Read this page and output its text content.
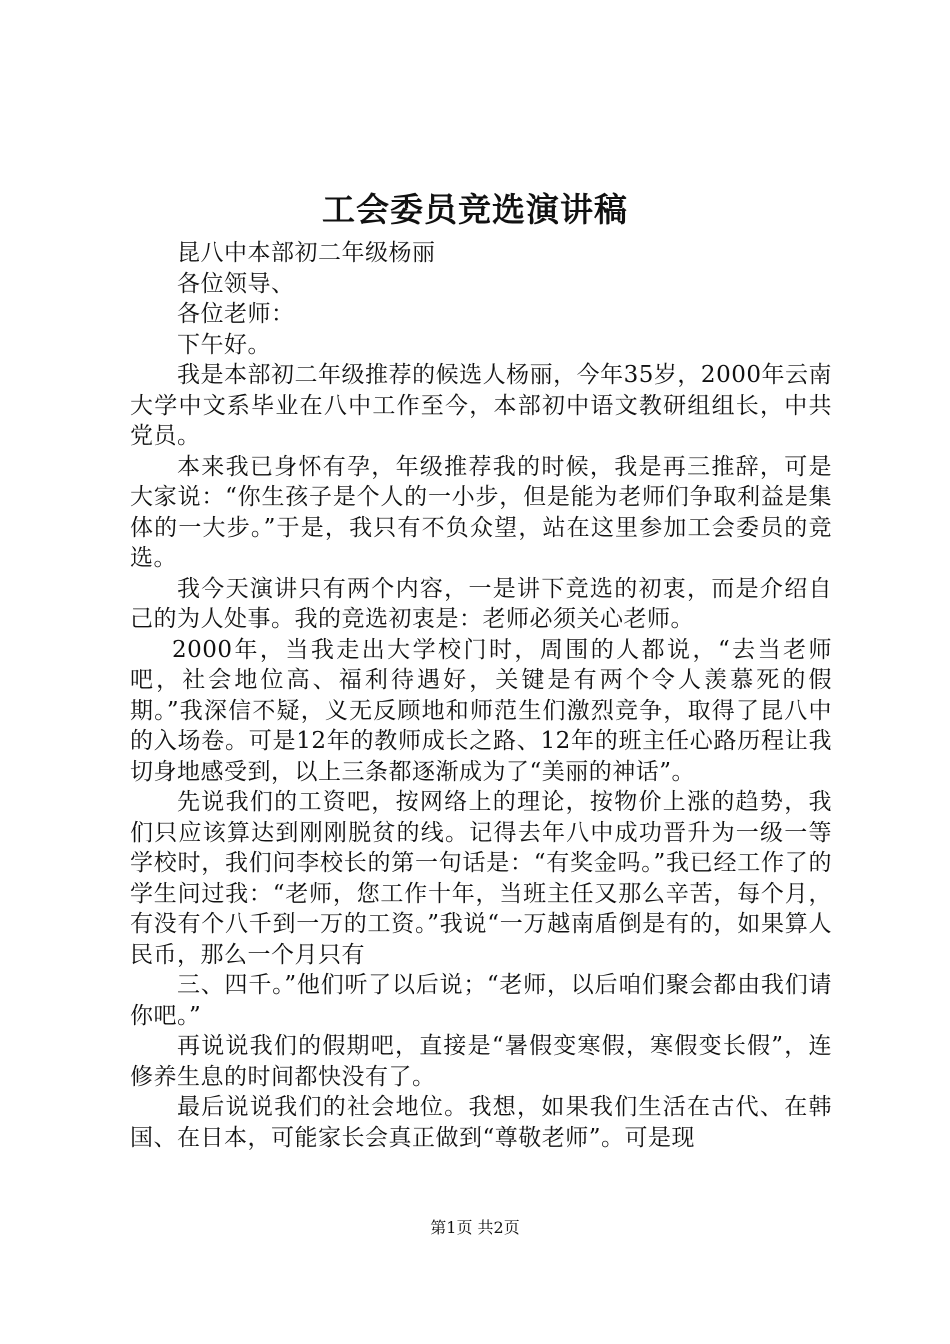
工会委员竞选演讲稿

昆八中本部初二年级杨丽

各位领导、

各位老师：

下午好。

我是本部初二年级推荐的候选人杨丽，今年35岁，2000年云南大学中文系毕业在八中工作至今，本部初中语文教研组组长，中共党员。

本来我已身怀有孕，年级推荐我的时候，我是再三推辞，可是大家说：“你生孩子是个人的一小步，但是能为老师们争取利益是集体的一大步。”于是，我只有不负众望，站在这里参加工会委员的竞选。

我今天演讲只有两个内容，一是讲下竞选的初衷，而是介绍自己的为人处事。我的竞选初衷是：老师必须关心老师。

2000年，当我走出大学校门时，周围的人都说，“去当老师吧，社会地位高、福利待遇好，关键是有两个令人羡慕死的假期。”我深信不疑，义无反顾地和师范生们激烈竞争，取得了昆八中的入场卷。可是12年的教师成长之路、12年的班主任心路历程让我切身地感受到，以上三条都逐渐成为了“美丽的神话”。

先说我们的工资吧，按网络上的理论，按物价上涨的趋势，我们只应该算达到刚刚脱贫的线。记得去年八中成功晋升为一级一等学校时，我们问李校长的第一句话是：“有奖金吗。”我已经工作了的学生问过我：“老师，您工作十年，当班主任又那么辛苦，每个月，有没有个八千到一万的工资。”我说“一万越南盾倒是有的，如果算人民币，那么一个月只有

三、四千。”他们听了以后说；“老师，以后咱们聚会都由我们请你吧。”

再说说我们的假期吧，直接是“暑假变寒假，寒假变长假”，连修养生息的时间都快没有了。

最后说说我们的社会地位。我想，如果我们生活在古代、在韩国、在日本，可能家长会真正做到“尊敬老师”。可是现

第1页 共2页
